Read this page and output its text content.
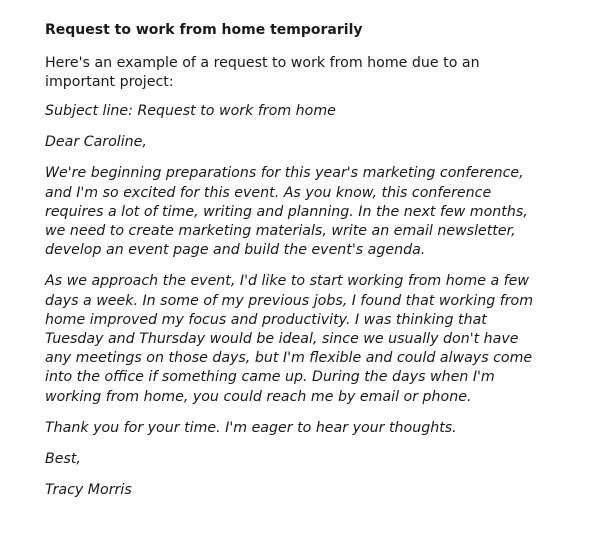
Request to work from home temporarily
Here's an example of a request to work from home due to an
important project:
Subject line: Request to work from home
Dear Caroline,
We're beginning preparations for this year's marketing conference,
and I'm so excited for this event. As you know, this conference
requires a lot of time, writing and planning. In the next few months,
we need to create marketing materials, write an email newsletter,
develop an event page and build the event's agenda.
As we approach the event, I'd like to start working from home a few
days a week. In some of my previous jobs, I found that working from
home improved my focus and productivity. I was thinking that
Tuesday and Thursday would be ideal, since we usually don't have
any meetings on those days, but I'm flexible and could always come
into the office if something came up. During the days when I'm
working from home, you could reach me by email or phone.
Thank you for your time. I'm eager to hear your thoughts.
Best,
Tracy Morris
